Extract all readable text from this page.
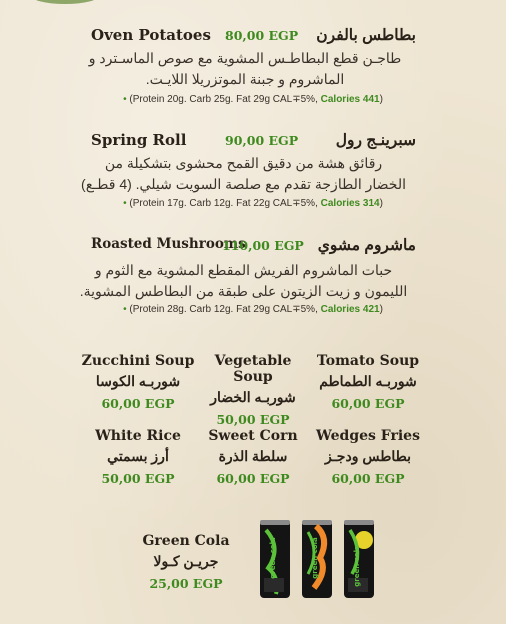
Oven Potatoes 80,00 EGP بطاطس بالفرن
طاجـن قطع البطاطـس المشوية مع صوص الماسـترد و
الماشروم و جبنة الموتزريلا اللايـت.
• (Protein 20g. Carb 25g. Fat 29g CAL∓5%, Calories 441)
Spring Roll	90,00 EGP سبرينـج رول
رقائق هشة من دقيق القمح محشوى بتشكيلة من
الخضار الطازجة تقدم مع صلصة السويت شيلي. (4 قطـع)
• (Protein 17g. Carb 12g. Fat 22g CAL∓5%, Calories 314)
Roasted Mushrooms
110,00 EGP ماشروم مشوي
حبات الماشروم الفريش المقطع المشوية مع الثوم و
الليمون و زيت الزيتون على طبقة من البطاطس المشوية.
• (Protein 28g. Carb 12g. Fat 29g CAL∓5%, Calories 421)
Zucchini Soup
شوربـه الكوسا
60,00 EGP
Vegetable Soup
شوربـه الخضار
50,00 EGP
Tomato Soup
شوربـه الطماطم
60,00 EGP
White Rice
أرز بسمتي
50,00 EGP
Sweet Corn
سلطة الذرة
60,00 EGP
Wedges Fries
بطاطس ودجـز
60,00 EGP
Green Cola
جريـن كـولا
25,00 EGP
green cola	green cola	green cola
